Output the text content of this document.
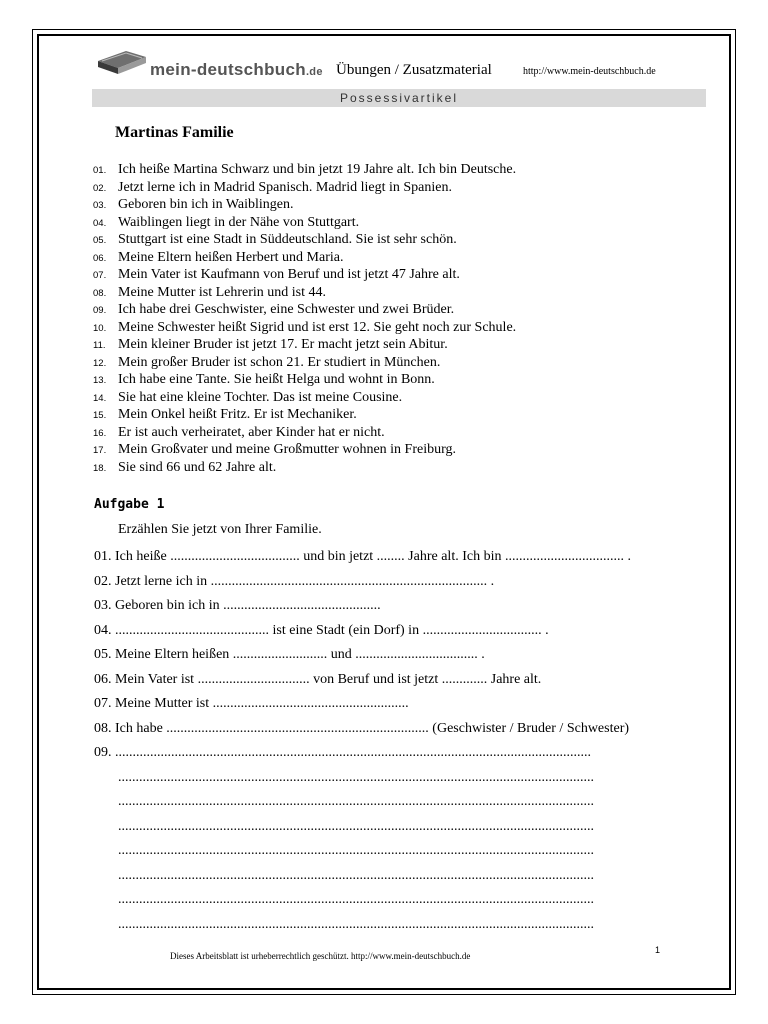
mein-deutschbuch.de Übungen / Zusatzmaterial	http://www.mein-deutschbuch.de
Possessivartikel
Martinas Familie
01. Ich heiße Martina Schwarz und bin jetzt 19 Jahre alt. Ich bin Deutsche.
02. Jetzt lerne ich in Madrid Spanisch. Madrid liegt in Spanien.
03. Geboren bin ich in Waiblingen.
04. Waiblingen liegt in der Nähe von Stuttgart.
05. Stuttgart ist eine Stadt in Süddeutschland. Sie ist sehr schön.
06. Meine Eltern heißen Herbert und Maria.
07. Mein Vater ist Kaufmann von Beruf und ist jetzt 47 Jahre alt.
08. Meine Mutter ist Lehrerin und ist 44.
09. Ich habe drei Geschwister, eine Schwester und zwei Brüder.
10. Meine Schwester heißt Sigrid und ist erst 12. Sie geht noch zur Schule.
11. Mein kleiner Bruder ist jetzt 17. Er macht jetzt sein Abitur.
12. Mein großer Bruder ist schon 21. Er studiert in München.
13. Ich habe eine Tante. Sie heißt Helga und wohnt in Bonn.
14. Sie hat eine kleine Tochter. Das ist meine Cousine.
15. Mein Onkel heißt Fritz. Er ist Mechaniker.
16. Er ist auch verheiratet, aber Kinder hat er nicht.
17. Mein Großvater und meine Großmutter wohnen in Freiburg.
18. Sie sind 66 und 62 Jahre alt.
Aufgabe 1
Erzählen Sie jetzt von Ihrer Familie.
01. Ich heiße ..................................... und bin jetzt ........ Jahre alt. Ich bin .................................. .
02. Jetzt lerne ich in ............................................................................... .
03. Geboren bin ich in .............................................
04. ............................................ ist eine Stadt (ein Dorf) in .................................. .
05. Meine Eltern heißen ........................... und ................................... .
06. Mein Vater ist ................................ von Beruf und ist jetzt ............. Jahre alt.
07. Meine Mutter ist ........................................................
08. Ich habe ........................................................................... (Geschwister / Bruder / Schwester)
09. ........................................................................................................................................
........................................................................................................................................
........................................................................................................................................
........................................................................................................................................
........................................................................................................................................
........................................................................................................................................
........................................................................................................................................
........................................................................................................................................
Dieses Arbeitsblatt ist urheberrechtlich geschützt. http://www.mein-deutschbuch.de
1
